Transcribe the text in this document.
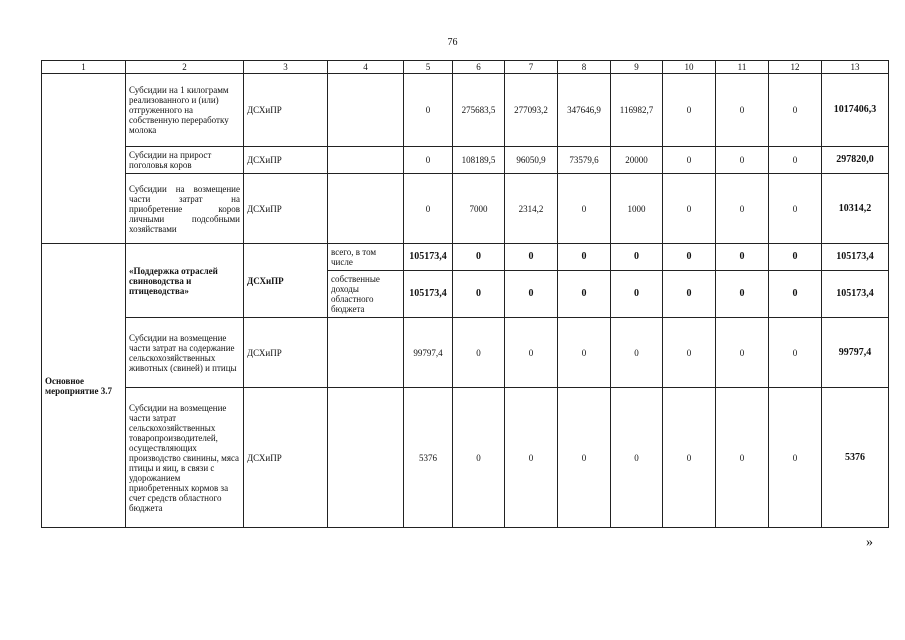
76
1	2	3	4	5	6	7	8	9	10	11	12	13
	Субсидии на 1 килограмм реализованного и (или) отгруженного на собственную переработку молока	ДСХиПР		0	275683,5	277093,2	347646,9	116982,7	0	0	0	1017406,3
	Субсидии на прирост поголовья коров	ДСХиПР		0	108189,5	96050,9	73579,6	20000	0	0	0	297820,0
	Субсидии на возмещение части затрат на приобретение коров личными подсобными хозяйствами	ДСХиПР		0	7000	2314,2	0	1000	0	0	0	10314,2
Основное мероприятие 3.7	«Поддержка отраслей свиноводства и птицеводства»	ДСХиПР	всего, в том числе	105173,4	0	0	0	0	0	0	0	105173,4
			собственные доходы областного бюджета	105173,4	0	0	0	0	0	0	0	105173,4
	Субсидии на возмещение части затрат на содержание сельскохозяйственных животных (свиней) и птицы	ДСХиПР		99797,4	0	0	0	0	0	0	0	99797,4
	Субсидии на возмещение части затрат сельскохозяйственных товаропроизводителей, осуществляющих производство свинины, мяса птицы и яиц, в связи с удорожанием приобретенных кормов за счет средств областного бюджета	ДСХиПР		5376	0	0	0	0	0	0	0	5376
»
